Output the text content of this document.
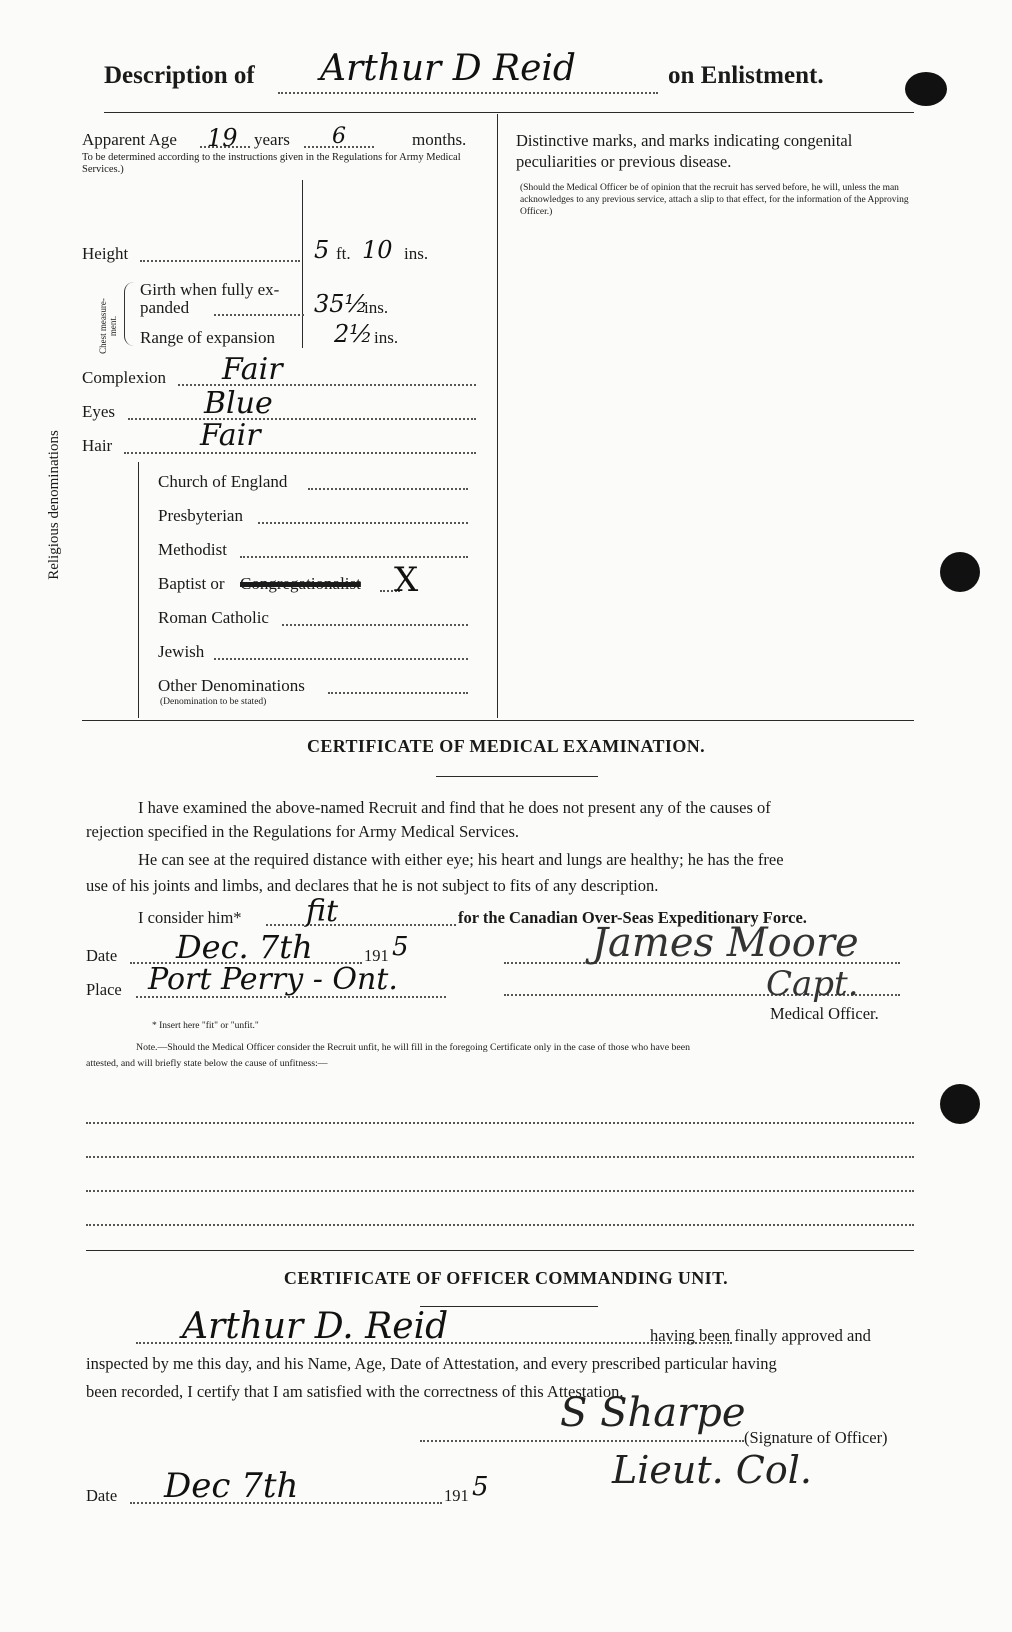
Description of Arthur D Reid	on Enlistment.
Apparent Age 19 years 6	months.
To be determined according to the instructions given in the Regulations for Army Medical Services.)
Distinctive marks, and marks indicating congenital peculiarities or previous disease.
(Should the Medical Officer be of opinion that the recruit has served before, he will, unless the man acknowledges to any previous service, attach a slip to that effect, for the information of the Approving Officer.)
Height	5 ft. 10 ins.
Chest measure-ment.
Girth when fully ex-
panded	35½
ins.
Range of expansion 2½ ins.
Complexion Fair
Eyes	Blue
Hair	Fair
Religious denominations	Church of England
Presbyterian
Methodist
Baptist or Congregationalist X
Roman Catholic
Jewish
Other Denominations
(Denomination to be stated)
CERTIFICATE OF MEDICAL EXAMINATION.
I have examined the above-named Recruit and find that he does not present any of the causes of
rejection specified in the Regulations for Army Medical Services.
He can see at the required distance with either eye; his heart and lungs are healthy; he has the free
use of his joints and limbs, and declares that he is not subject to fits of any description.
I consider him* fit	for the Canadian Over-Seas Expeditionary Force.
Date Dec. 7th	191 5
Place Port Perry - Ont.
James Moore
Capt.
Medical Officer.
* Insert here "fit" or "unfit."
Note.—Should the Medical Officer consider the Recruit unfit, he will fill in the foregoing Certificate only in the case of those who have been
attested, and will briefly state below the cause of unfitness:—
CERTIFICATE OF OFFICER COMMANDING UNIT.
Arthur D. Reid	having been finally approved and
inspected by me this day, and his Name, Age, Date of Attestation, and every prescribed particular having
been recorded, I certify that I am satisfied with the correctness of this Attestation.
S Sharpe
(Signature of Officer)
Lieut. Col.
Date Dec 7th	191 5
